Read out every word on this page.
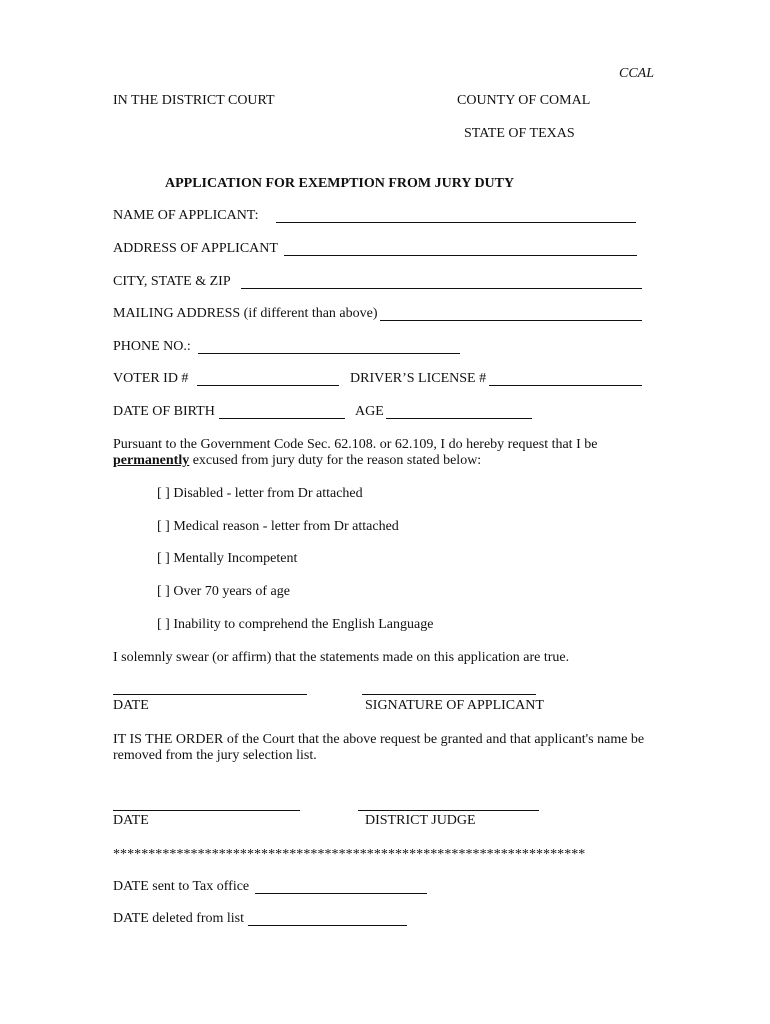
CCAL
IN THE DISTRICT COURT	COUNTY OF COMAL
STATE OF TEXAS
APPLICATION FOR EXEMPTION FROM JURY DUTY
NAME OF APPLICANT:
ADDRESS OF APPLICANT
CITY, STATE & ZIP
MAILING ADDRESS (if different than above)
PHONE NO.:
VOTER ID #	DRIVER’S LICENSE #
DATE OF BIRTH	AGE
Pursuant to the Government Code Sec. 62.108. or 62.109, I do hereby request that I be
permanently excused from jury duty for the reason stated below:
[ ] Disabled - letter from Dr attached
[ ] Medical reason - letter from Dr attached
[ ] Mentally Incompetent
[ ] Over 70 years of age
[ ] Inability to comprehend the English Language
I solemnly swear (or affirm) that the statements made on this application are true.
DATE	SIGNATURE OF APPLICANT
IT IS THE ORDER of the Court that the above request be granted and that applicant's name be
removed from the jury selection list.
DATE	DISTRICT JUDGE
*******************************************************************
DATE sent to Tax office
DATE deleted from list
